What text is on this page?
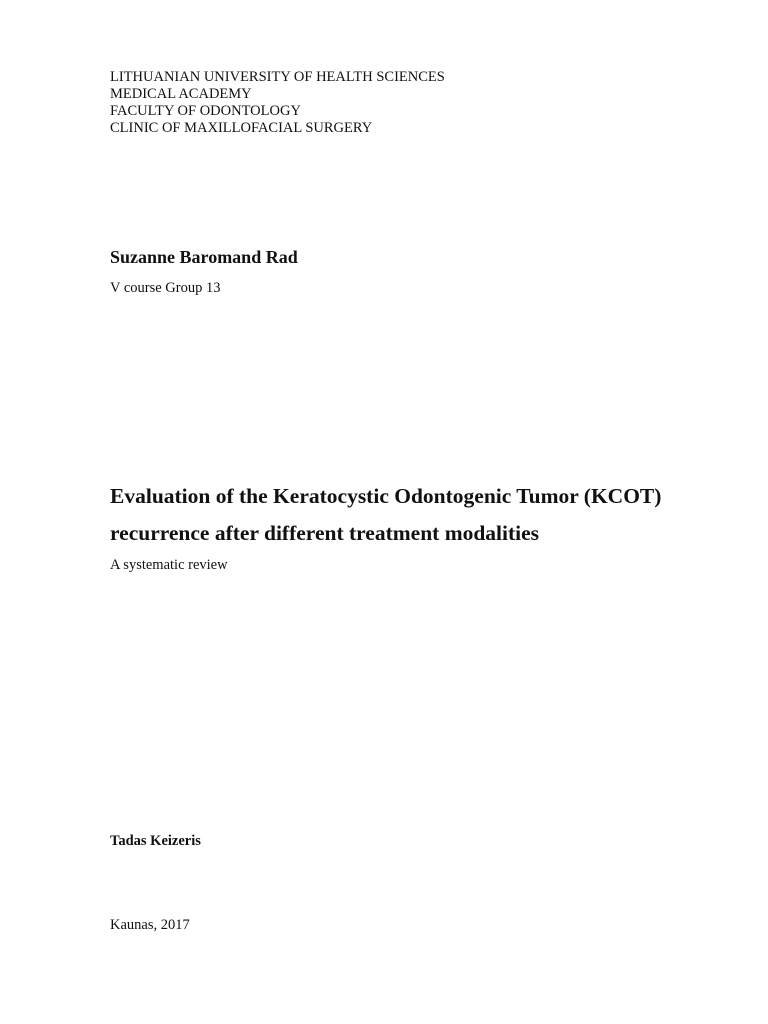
LITHUANIAN UNIVERSITY OF HEALTH SCIENCES
MEDICAL ACADEMY
FACULTY OF ODONTOLOGY
CLINIC OF MAXILLOFACIAL SURGERY
Suzanne Baromand Rad
V course Group 13
Evaluation of the Keratocystic Odontogenic Tumor (KCOT)
recurrence after different treatment modalities
A systematic review
Tadas Keizeris
Kaunas, 2017
